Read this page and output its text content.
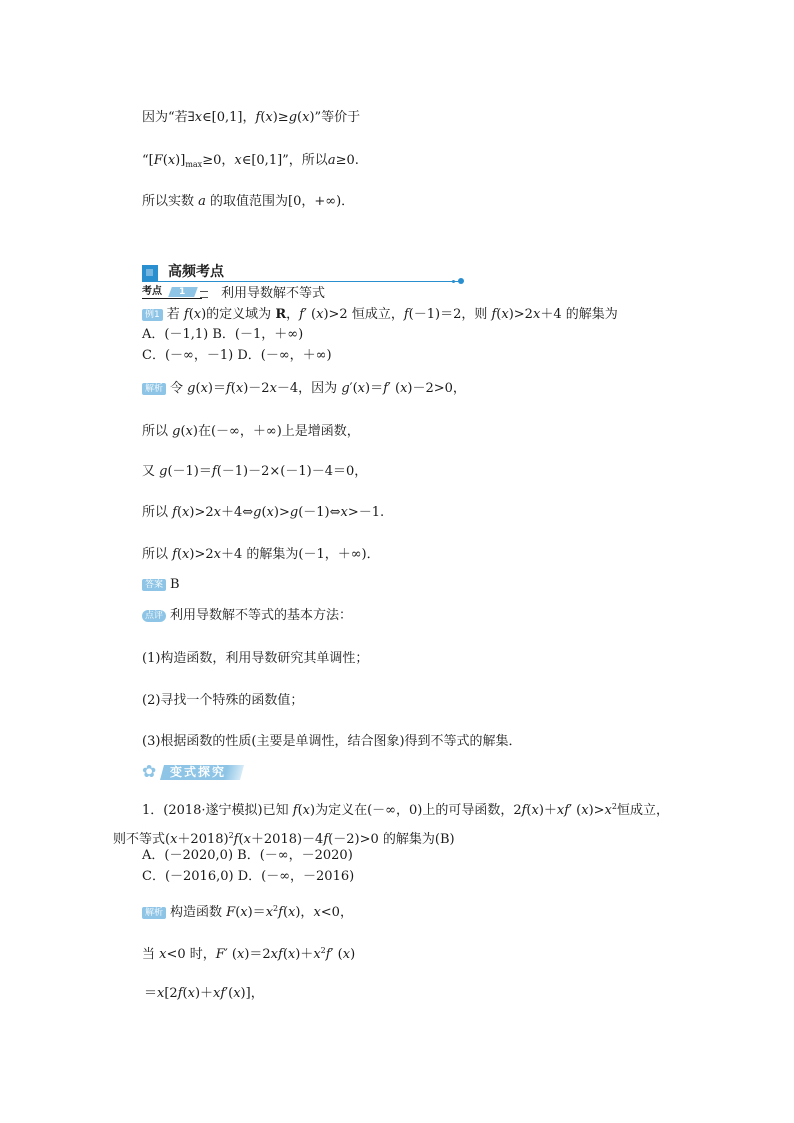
因为“若∃x∈[0,1]，f(x)≥g(x)”等价于
“$[F(x)]_{max}\ge 0$，x∈[0,1]”，所以a≥0.
所以实数 a 的取值范围为[0，+∞)．
高频考点
考点 1	利用导数解不等式
例1 若 f(x)的定义域为 R，f′ (x)>2 恒成立，f(－1)＝2，则 f(x)>2x＋4 的解集为
A．(－1,1) B．(－1，＋∞)
C．(－∞，－1) D．(－∞，＋∞)
解析 令 g(x)＝f(x)－2x－4，因为 g′(x)＝f′ (x)－2>0，
所以 g(x)在(－∞，＋∞)上是增函数，
又 g(－1)＝f(－1)－2×(－1)－4＝0，
所以 f(x)>2x＋4⇔g(x)>g(－1)⇔x>－1.
所以 f(x)>2x＋4 的解集为(－1，＋∞)．
答案 B
点评 利用导数解不等式的基本方法：
(1)构造函数，利用导数研究其单调性；
(2)寻找一个特殊的函数值；
(3)根据函数的性质(主要是单调性，结合图象)得到不等式的解集．
✿	变式探究
1．(2018·遂宁模拟)已知 f(x)为定义在(－∞，0)上的可导函数，2f(x)＋xf′ $(x)>x^2$恒成立，
则不等式$(x+2018)^2f(x+2018)-4f(-2)>0$ 的解集为(B)
A．(－2020,0) B．(－∞，－2020)
C．(－2016,0) D．(－∞，－2016)
解析 构造函数 $F(x)=x^2f(x)$，x<0，
当 x<0 时，F′ $(x)=2xf(x)+x^2f'$ (x)
＝x[2f(x)＋xf′(x)]，
